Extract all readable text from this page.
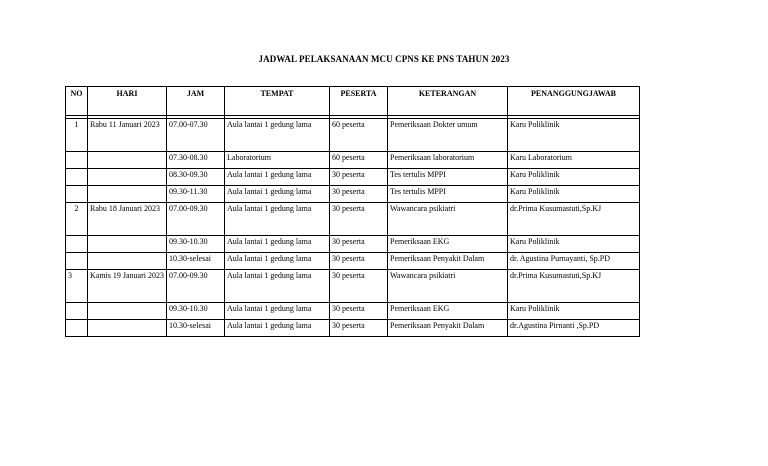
JADWAL PELAKSANAAN MCU CPNS KE PNS TAHUN 2023
NO	HARI	JAM	TEMPAT	PESERTA	KETERANGAN	PENANGGUNGJAWAB

1	Rabu 11 Januari 2023	07.00-07.30	Aula lantai 1 gedung lama	60 peserta	Pemeriksaan Dokter umum	Karu Poliklinik
		07.30-08.30	Laboratorium	60 peserta	Pemeriksaan laboratorium	Karu Laboratorium
		08.30-09.30	Aula lantai 1 gedung lama	30 peserta	Tes tertulis MPPI	Karu Poliklinik
		09.30-11.30	Aula lantai 1 gedung lama	30 peserta	Tes tertulis MPPI	Karu Poliklinik
2	Rabu 18 Januari 2023	07.00-09.30	Aula lantai 1 gedung lama	30 peserta	Wawancara psikiatri	dr.Prima Kusumastuti,Sp.KJ
		09.30-10.30	Aula lantai 1 gedung lama	30 peserta	Pemeriksaan EKG	Karu Poliklinik
		10.30-selesai	Aula lantai 1 gedung lama	30 peserta	Pemeriksaan Penyakit Dalam	dr. Agustina Purnayanti, Sp.PD
3	Kamis 19 Januari 2023	07.00-09.30	Aula lantai 1 gedung lama	30 peserta	Wawancara psikiatri	dr.Prima Kusumastuti,Sp.KJ
		09.30-10.30	Aula lantai 1 gedung lama	30 peserta	Pemeriksaan EKG	Karu Poliklinik
		10.30-selesai	Aula lantai 1 gedung lama	30 peserta	Pemeriksaan Penyakit Dalam	dr.Agustina Pirnanti ,Sp.PD
